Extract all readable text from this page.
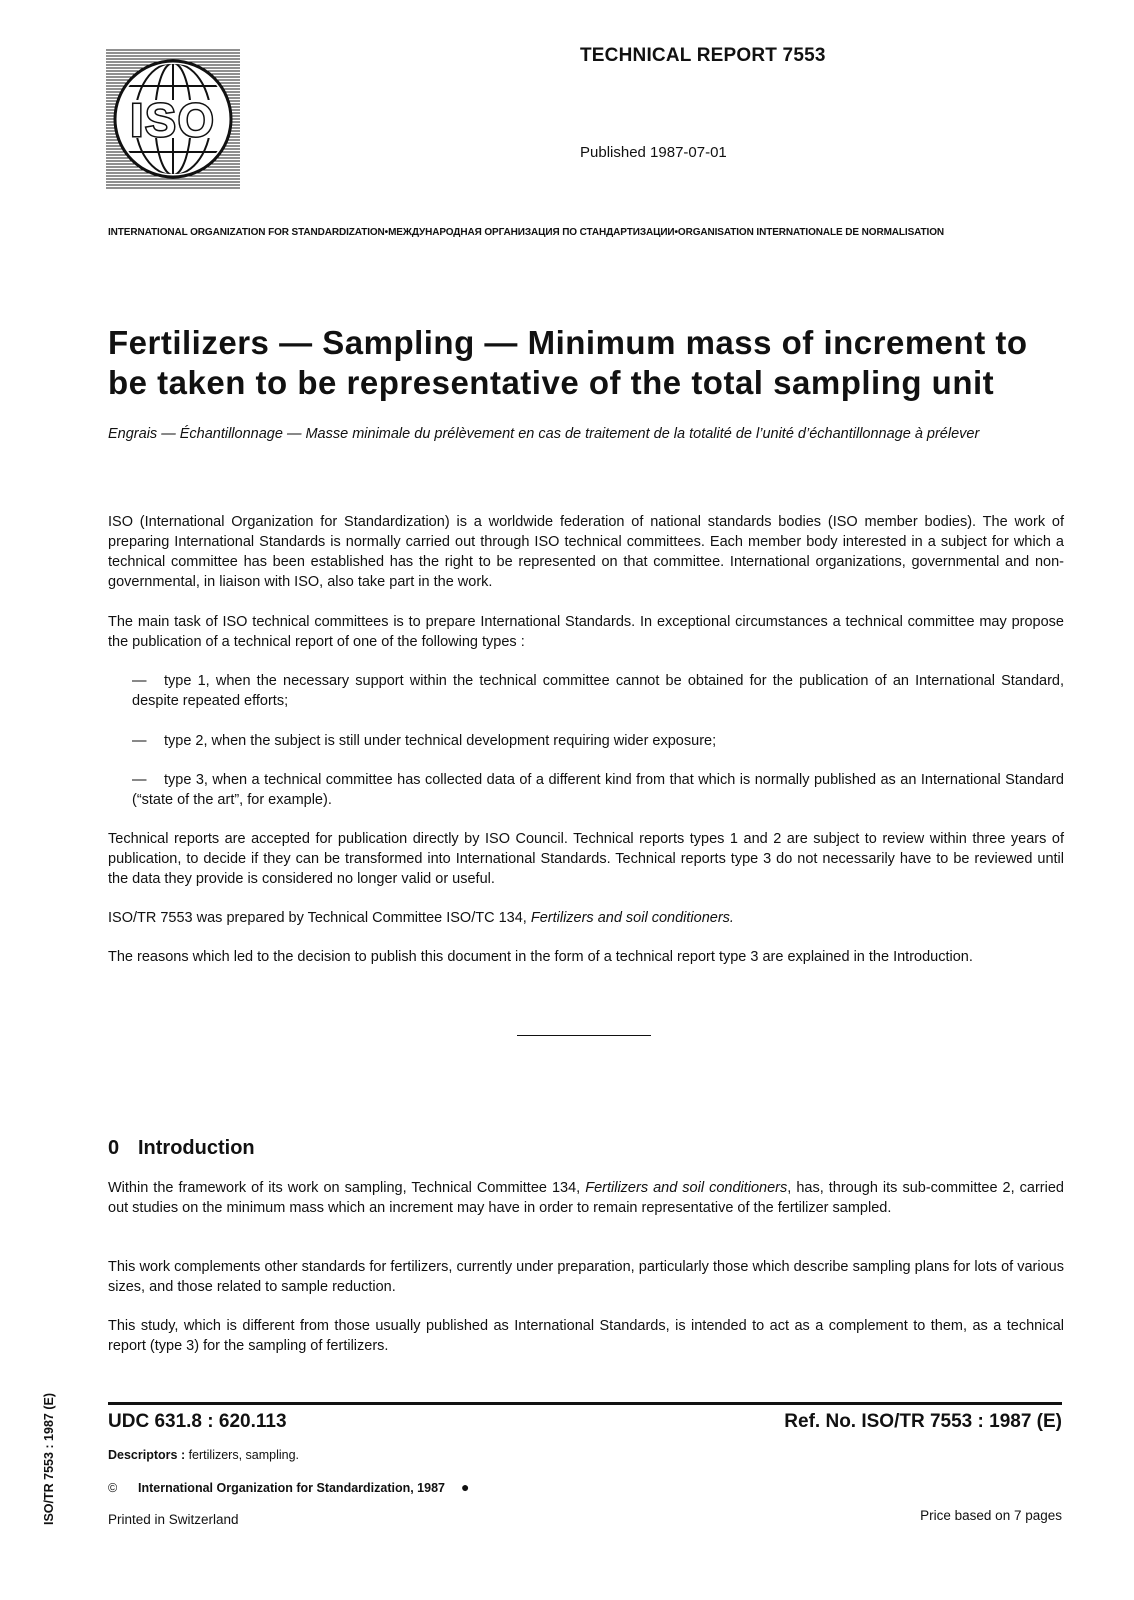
ISO
TECHNICAL REPORT 7553
Published 1987-07-01
INTERNATIONAL ORGANIZATION FOR STANDARDIZATION•МЕЖДУНАРОДНАЯ ОРГАНИЗАЦИЯ ПО СТАНДАРТИЗАЦИИ•ORGANISATION INTERNATIONALE DE NORMALISATION
Fertilizers — Sampling — Minimum mass of increment to be taken to be representative of the total sampling unit
Engrais — Échantillonnage — Masse minimale du prélèvement en cas de traitement de la totalité de l’unité d’échantillonnage à prélever

ISO (International Organization for Standardization) is a worldwide federation of national standards bodies (ISO member bodies). The work of preparing International Standards is normally carried out through ISO technical committees. Each member body interested in a subject for which a technical committee has been established has the right to be represented on that committee. International organizations, governmental and non-governmental, in liaison with ISO, also take part in the work.

The main task of ISO technical committees is to prepare International Standards. In exceptional circumstances a technical committee may propose the publication of a technical report of one of the following types :

— type 1, when the necessary support within the technical committee cannot be obtained for the publication of an International Standard, despite repeated efforts;

— type 2, when the subject is still under technical development requiring wider exposure;

— type 3, when a technical committee has collected data of a different kind from that which is normally published as an International Standard (“state of the art”, for example).

Technical reports are accepted for publication directly by ISO Council. Technical reports types 1 and 2 are subject to review within three years of publication, to decide if they can be transformed into International Standards. Technical reports type 3 do not necessarily have to be reviewed until the data they provide is considered no longer valid or useful.

ISO/TR 7553 was prepared by Technical Committee ISO/TC 134, Fertilizers and soil conditioners.

The reasons which led to the decision to publish this document in the form of a technical report type 3 are explained in the Introduction.

0 Introduction

Within the framework of its work on sampling, Technical Committee 134, Fertilizers and soil conditioners, has, through its sub-committee 2, carried out studies on the minimum mass which an increment may have in order to remain representative of the fertilizer sampled.

This work complements other standards for fertilizers, currently under preparation, particularly those which describe sampling plans for lots of various sizes, and those related to sample reduction.

This study, which is different from those usually published as International Standards, is intended to act as a complement to them, as a technical report (type 3) for the sampling of fertilizers.

ISO/TR 7553 : 1987 (E)	UDC 631.8 : 620.113	Ref. No. ISO/TR 7553 : 1987 (E)
Descriptors : fertilizers, sampling.
© International Organization for Standardization, 1987 ●
Printed in Switzerland	Price based on 7 pages
